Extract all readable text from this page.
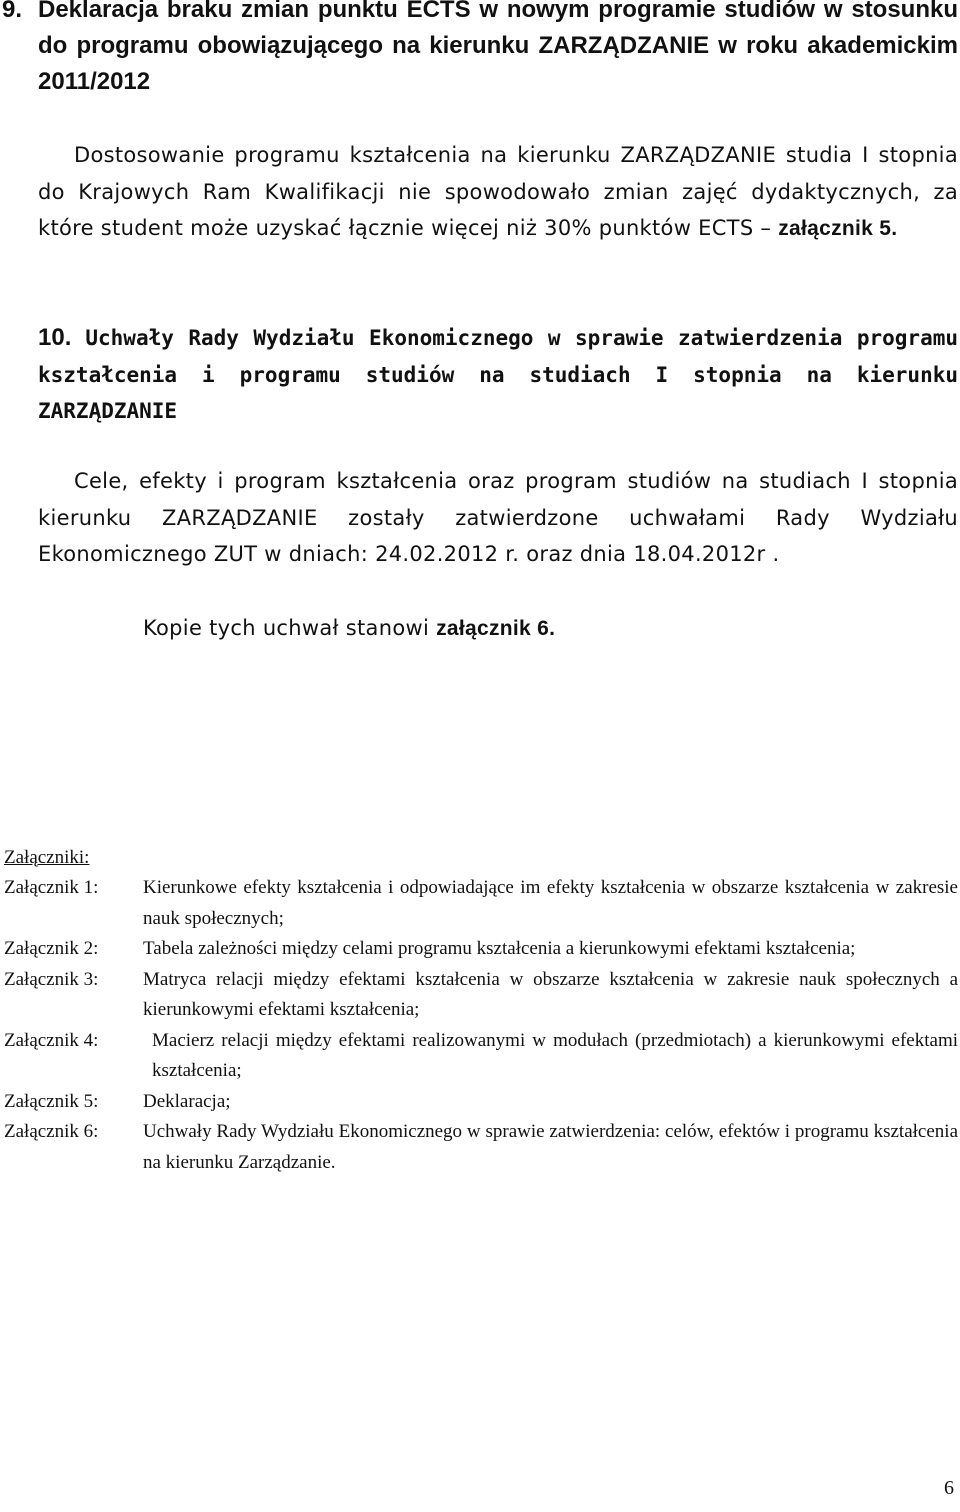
9. Deklaracja braku zmian punktu ECTS w nowym programie studiów w stosunku do programu obowiązującego na kierunku ZARZĄDZANIE w roku akademickim 2011/2012

Dostosowanie programu kształcenia na kierunku ZARZĄDZANIE studia I stopnia do Krajowych Ram Kwalifikacji nie spowodowało zmian zajęć dydaktycznych, za które student może uzyskać łącznie więcej niż 30% punktów ECTS – załącznik 5.

10. Uchwały Rady Wydziału Ekonomicznego w sprawie zatwierdzenia programu kształcenia i programu studiów na studiach I stopnia na kierunku ZARZĄDZANIE

Cele, efekty i program kształcenia oraz program studiów na studiach I stopnia kierunku ZARZĄDZANIE zostały zatwierdzone uchwałami Rady Wydziału Ekonomicznego ZUT w dniach: 24.02.2012 r. oraz dnia 18.04.2012r .

Kopie tych uchwał stanowi załącznik 6.

Załączniki:

Załącznik 1:	Kierunkowe efekty kształcenia i odpowiadające im efekty kształcenia w obszarze kształcenia w zakresie nauk społecznych;
Załącznik 2:	Tabela zależności między celami programu kształcenia a kierunkowymi efektami kształcenia;
Załącznik 3:	Matryca relacji między efektami kształcenia w obszarze kształcenia w zakresie nauk społecznych a kierunkowymi efektami kształcenia;
Załącznik 4:	Macierz relacji między efektami realizowanymi w modułach (przedmiotach) a kierunkowymi efektami kształcenia;
Załącznik 5:	Deklaracja;
Załącznik 6:	Uchwały Rady Wydziału Ekonomicznego w sprawie zatwierdzenia: celów, efektów i programu kształcenia na kierunku Zarządzanie.

6
